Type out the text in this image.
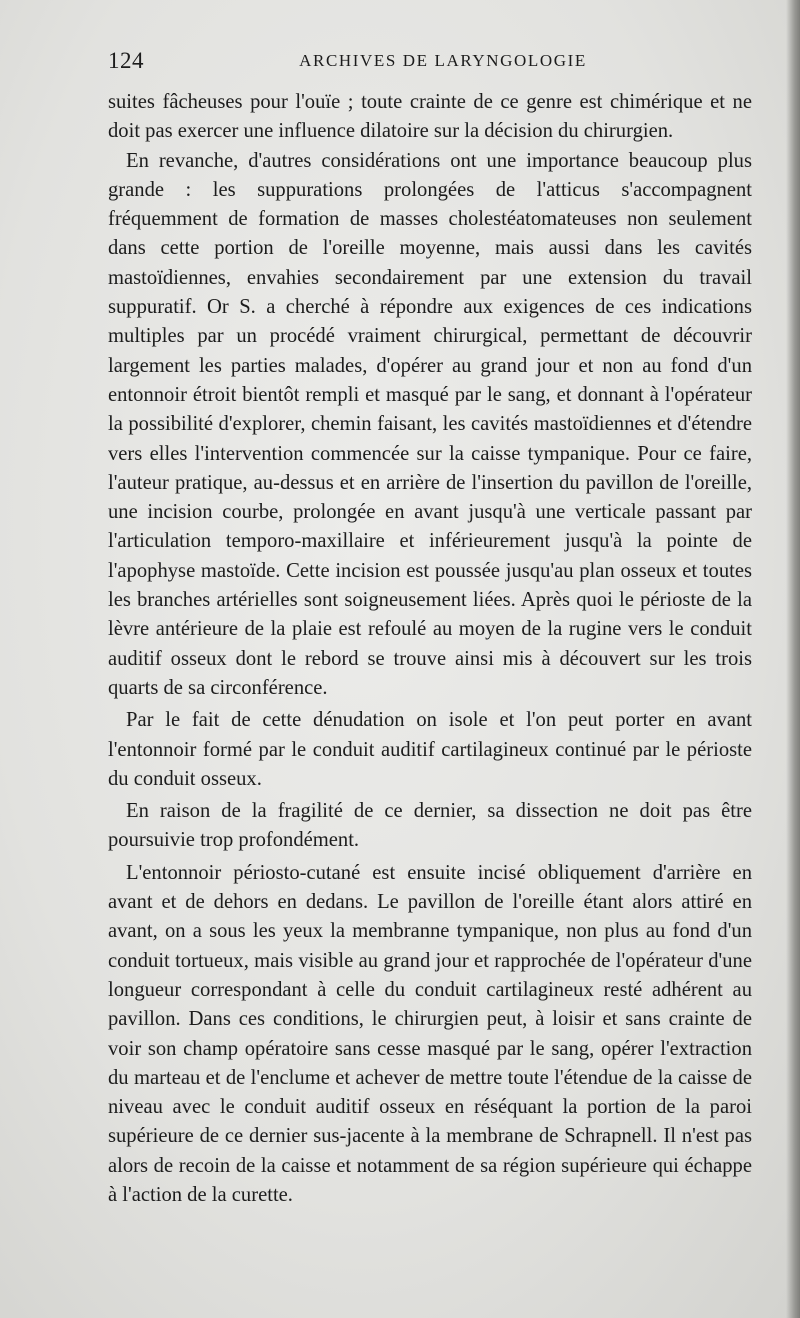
124	ARCHIVES DE LARYNGOLOGIE

suites fâcheuses pour l'ouïe ; toute crainte de ce genre est chimérique et ne doit pas exercer une influence dilatoire sur la décision du chirurgien.

En revanche, d'autres considérations ont une importance beaucoup plus grande : les suppurations prolongées de l'atticus s'accompagnent fréquemment de formation de masses cholestéatomateuses non seulement dans cette portion de l'oreille moyenne, mais aussi dans les cavités mastoïdiennes, envahies secondairement par une extension du travail suppuratif. Or S. a cherché à répondre aux exigences de ces indications multiples par un procédé vraiment chirurgical, permettant de découvrir largement les parties malades, d'opérer au grand jour et non au fond d'un entonnoir étroit bientôt rempli et masqué par le sang, et donnant à l'opérateur la possibilité d'explorer, chemin faisant, les cavités mastoïdiennes et d'étendre vers elles l'intervention commencée sur la caisse tympanique. Pour ce faire, l'auteur pratique, au-dessus et en arrière de l'insertion du pavillon de l'oreille, une incision courbe, prolongée en avant jusqu'à une verticale passant par l'articulation temporo-maxillaire et inférieurement jusqu'à la pointe de l'apophyse mastoïde. Cette incision est poussée jusqu'au plan osseux et toutes les branches artérielles sont soigneusement liées. Après quoi le périoste de la lèvre antérieure de la plaie est refoulé au moyen de la rugine vers le conduit auditif osseux dont le rebord se trouve ainsi mis à découvert sur les trois quarts de sa circonférence.

Par le fait de cette dénudation on isole et l'on peut porter en avant l'entonnoir formé par le conduit auditif cartilagineux continué par le périoste du conduit osseux.

En raison de la fragilité de ce dernier, sa dissection ne doit pas être poursuivie trop profondément.

L'entonnoir périosto-cutané est ensuite incisé obliquement d'arrière en avant et de dehors en dedans. Le pavillon de l'oreille étant alors attiré en avant, on a sous les yeux la membranne tympanique, non plus au fond d'un conduit tortueux, mais visible au grand jour et rapprochée de l'opérateur d'une longueur correspondant à celle du conduit cartilagineux resté adhérent au pavillon. Dans ces conditions, le chirurgien peut, à loisir et sans crainte de voir son champ opératoire sans cesse masqué par le sang, opérer l'extraction du marteau et de l'enclume et achever de mettre toute l'étendue de la caisse de niveau avec le conduit auditif osseux en réséquant la portion de la paroi supérieure de ce dernier sus-jacente à la membrane de Schrapnell. Il n'est pas alors de recoin de la caisse et notamment de sa région supérieure qui échappe à l'action de la curette.
